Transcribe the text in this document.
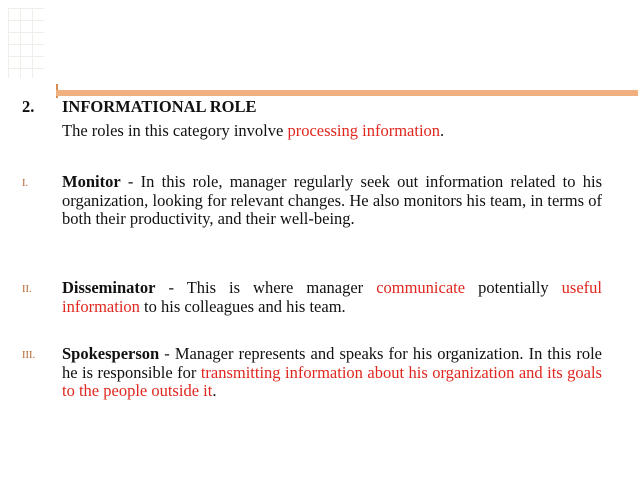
2. INFORMATIONAL ROLE
The roles in this category involve processing information.
I. Monitor - In this role, manager regularly seek out information related to his organization, looking for relevant changes. He also monitors his team, in terms of both their productivity, and their well-being.
II. Disseminator - This is where manager communicate potentially useful information to his colleagues and his team.
III. Spokesperson - Manager represents and speaks for his organization. In this role he is responsible for transmitting information about his organization and its goals to the people outside it.
